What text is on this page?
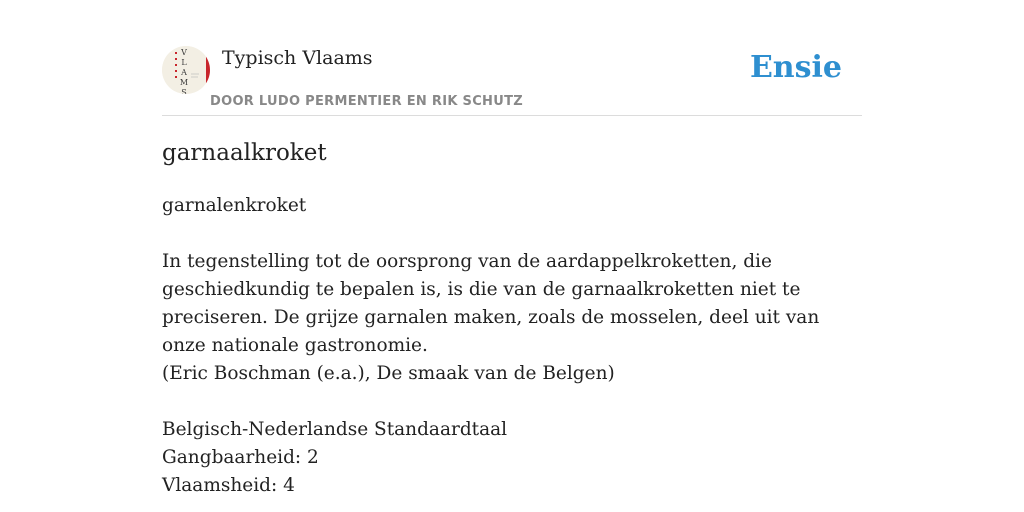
V
L
A
M
S
Typisch Vlaams
DOOR LUDO PERMENTIER EN RIK SCHUTZ
Ensie
garnaalkroket

garnalenkroket

In tegenstelling tot de oorsprong van de aardappelkroketten, die geschiedkundig te bepalen is, is die van de garnaalkroketten niet te preciseren. De grijze garnalen maken, zoals de mosselen, deel uit van onze nationale gastronomie.

(Eric Boschman (e.a.), De smaak van de Belgen)

Belgisch-Nederlandse Standaardtaal

Gangbaarheid: 2

Vlaamsheid: 4
